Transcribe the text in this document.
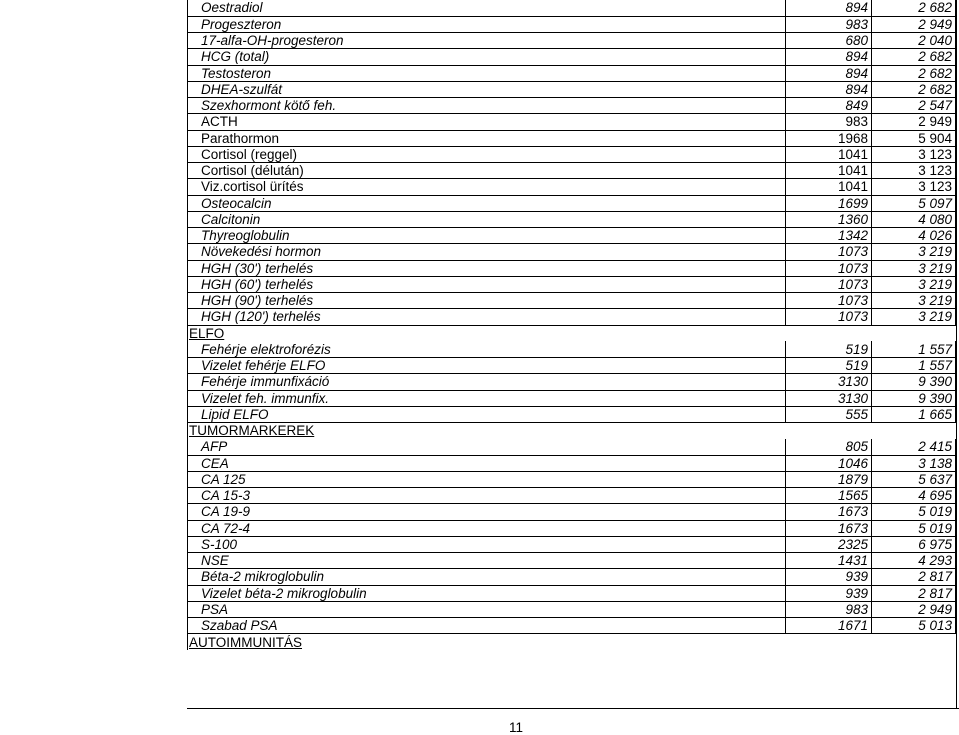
Oestradiol	894	2 682
Progeszteron	983	2 949
17-alfa-OH-progesteron	680	2 040
HCG (total)	894	2 682
Testosteron	894	2 682
DHEA-szulfát	894	2 682
Szexhormont kötő feh.	849	2 547
ACTH	983	2 949
Parathormon	1968	5 904
Cortisol (reggel)	1041	3 123
Cortisol (délután)	1041	3 123
Viz.cortisol ürítés	1041	3 123
Osteocalcin	1699	5 097
Calcitonin	1360	4 080
Thyreoglobulin	1342	4 026
Növekedési hormon	1073	3 219
HGH (30') terhelés	1073	3 219
HGH (60') terhelés	1073	3 219
HGH (90') terhelés	1073	3 219
HGH (120') terhelés	1073	3 219
ELFO		
Fehérje elektroforézis	519	1 557
Vizelet fehérje ELFO	519	1 557
Fehérje immunfixáció	3130	9 390
Vizelet feh. immunfix.	3130	9 390
Lipid ELFO	555	1 665
TUMORMARKEREK		
AFP	805	2 415
CEA	1046	3 138
CA 125	1879	5 637
CA 15-3	1565	4 695
CA 19-9	1673	5 019
CA 72-4	1673	5 019
S-100	2325	6 975
NSE	1431	4 293
Béta-2 mikroglobulin	939	2 817
Vizelet béta-2 mikroglobulin	939	2 817
PSA	983	2 949
Szabad PSA	1671	5 013
AUTOIMMUNITÁS		
11
